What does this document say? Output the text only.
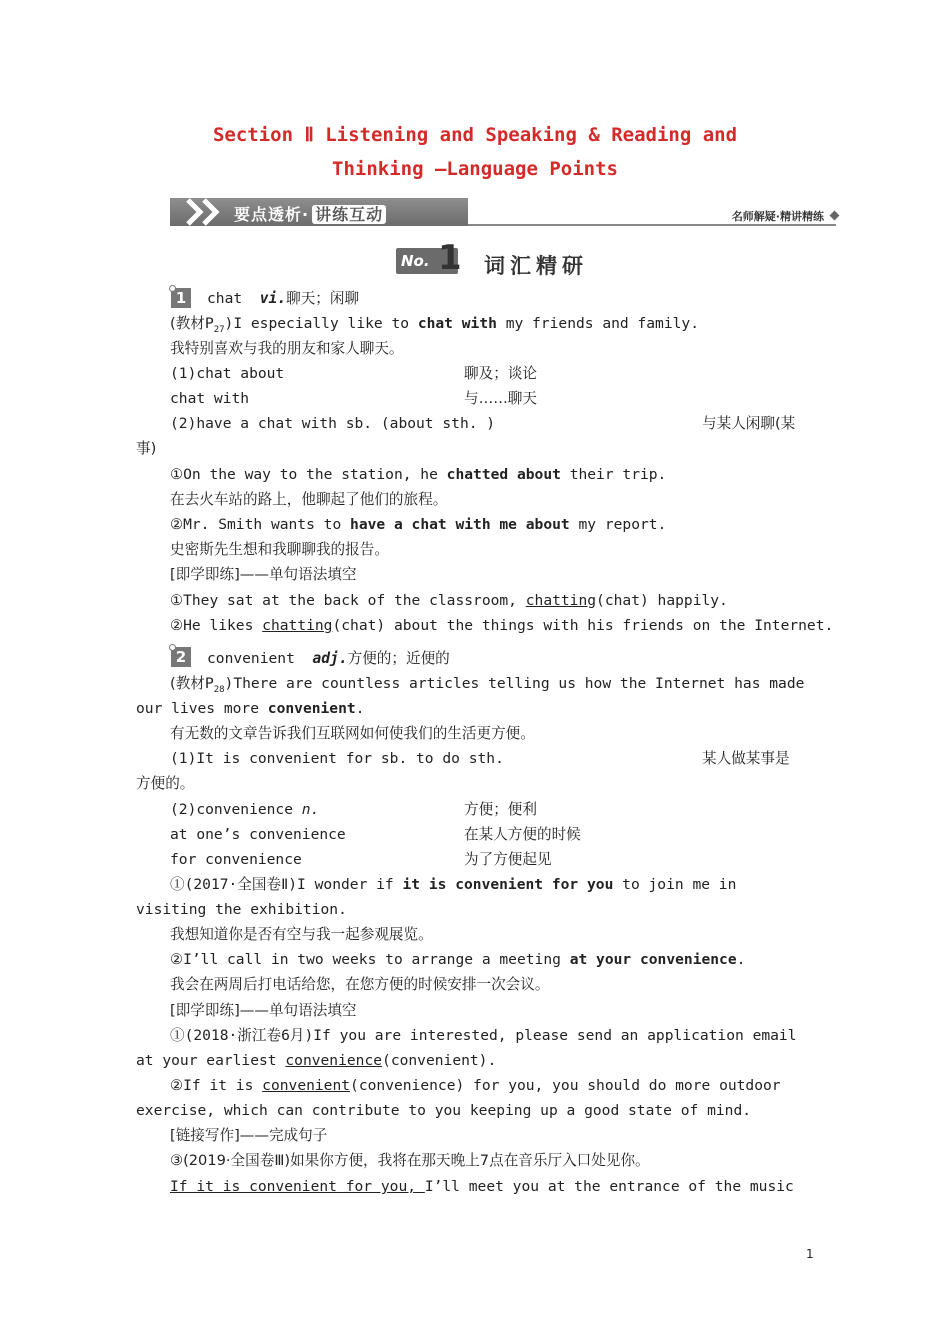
Section Ⅱ Listening and Speaking & Reading and
Thinking —Language Points
要点透析· 讲练互动	名师解疑·精讲精练
No. 1 词汇精研
1	chat vi.聊天；闲聊
(教材$P_{27})I$ especially like to chat with my friends and family.
我特别喜欢与我的朋友和家人聊天。
(1)chat about	聊及；谈论
chat with	与……聊天
(2)have a chat with sb. (about sth. )	与某人闲聊(某
事)
①On the way to the station, he chatted about their trip.
在去火车站的路上，他聊起了他们的旅程。
②Mr. Smith wants to have a chat with me about my report.
史密斯先生想和我聊聊我的报告。
[即学即练]——单句语法填空
①They sat at the back of the classroom, chatting(chat) happily.
②He likes chatting(chat) about the things with his friends on the Internet.
2	convenient adj.方便的；近便的
(教材$P_{28})There$ are countless articles telling us how the Internet has made
our lives more convenient.
有无数的文章告诉我们互联网如何使我们的生活更方便。
(1)It is convenient for sb. to do sth.	某人做某事是
方便的。
(2)convenience n.	方便；便利
at one’s convenience	在某人方便的时候
for convenience	为了方便起见
①(2017·全国卷Ⅱ)I wonder if it is convenient for you to join me in
visiting the exhibition.
我想知道你是否有空与我一起参观展览。
②I’ll call in two weeks to arrange a meeting at your convenience.
我会在两周后打电话给您，在您方便的时候安排一次会议。
[即学即练]——单句语法填空
①(2018·浙江卷6月)If you are interested, please send an application email
at your earliest convenience(convenient).
②If it is convenient(convenience) for you, you should do more outdoor
exercise, which can contribute to you keeping up a good state of mind.
[链接写作]——完成句子
③(2019·全国卷Ⅲ)如果你方便，我将在那天晚上7点在音乐厅入口处见你。
If it is convenient for you, I’ll meet you at the entrance of the music
1
